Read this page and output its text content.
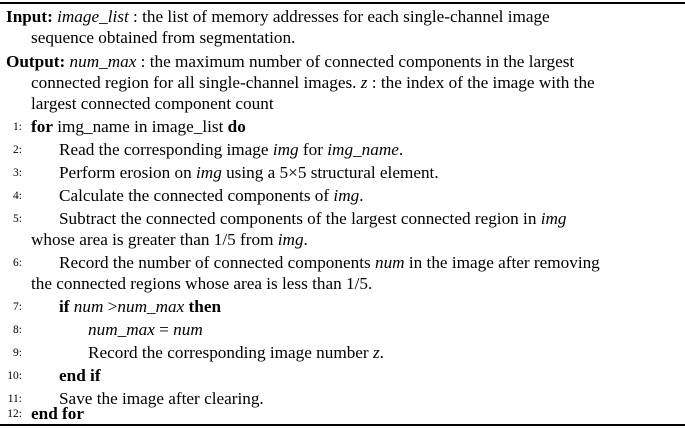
Input: image_list : the list of memory addresses for each single-channel image
sequence obtained from segmentation.
Output: num_max : the maximum number of connected components in the largest
connected region for all single-channel images. z : the index of the image with the
largest connected component count
1: for img_name in image_list do
2: Read the corresponding image img for img_name.
3: Perform erosion on img using a 5×5 structural element.
4: Calculate the connected components of img.
5: Subtract the connected components of the largest connected region in img
whose area is greater than 1/5 from img.
6: Record the number of connected components num in the image after removing
the connected regions whose area is less than 1/5.
7: if num >num_max then
8:	num_max = num
9:	Record the corresponding image number z.
10: end if
11: Save the image after clearing.
12: end for
